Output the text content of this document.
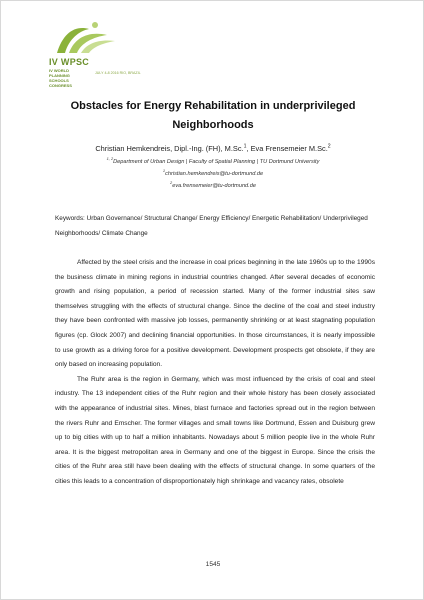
IV WPSC
IV WORLD PLANNING SCHOOLS CONGRESS
JULY 4-8 2016 RIO, BRAZIL
Obstacles for Energy Rehabilitation in underprivileged Neighborhoods
Christian Hemkendreis, Dipl.-Ing. (FH), M.Sc.$^1$, Eva Frensemeier M.Sc.$^2$
$^{1, 2}$Department of Urban Design | Faculty of Spatial Planning | TU Dortmund University
$^1$christian.hemkendreis@tu-dortmund.de
$^2$eva.frensemeier@tu-dortmund.de
Keywords: Urban Governance/ Structural Change/ Energy Efficiency/ Energetic Rehabilitation/ Underprivileged Neighborhoods/ Climate Change

Affected by the steel crisis and the increase in coal prices beginning in the late 1960s up to the 1990s the business climate in mining regions in industrial countries changed. After several decades of economic growth and rising population, a period of recession started. Many of the former industrial sites saw themselves struggling with the effects of structural change. Since the decline of the coal and steel industry they have been confronted with massive job losses, permanently shrinking or at least stagnating population figures (cp. Glock 2007) and declining financial opportunities. In those circumstances, it is nearly impossible to use growth as a driving force for a positive development. Development prospects get obsolete, if they are only based on increasing population.

The Ruhr area is the region in Germany, which was most influenced by the crisis of coal and steel industry. The 13 independent cities of the Ruhr region and their whole history has been closely associated with the appearance of industrial sites. Mines, blast furnace and factories spread out in the region between the rivers Ruhr and Emscher. The former villages and small towns like Dortmund, Essen and Duisburg grew up to big cities with up to half a million inhabitants. Nowadays about 5 million people live in the whole Ruhr area. It is the biggest metropolitan area in Germany and one of the biggest in Europe. Since the crisis the cities of the Ruhr area still have been dealing with the effects of structural change. In some quarters of the cities this leads to a concentration of disproportionately high shrinkage and vacancy rates, obsolete

1545
